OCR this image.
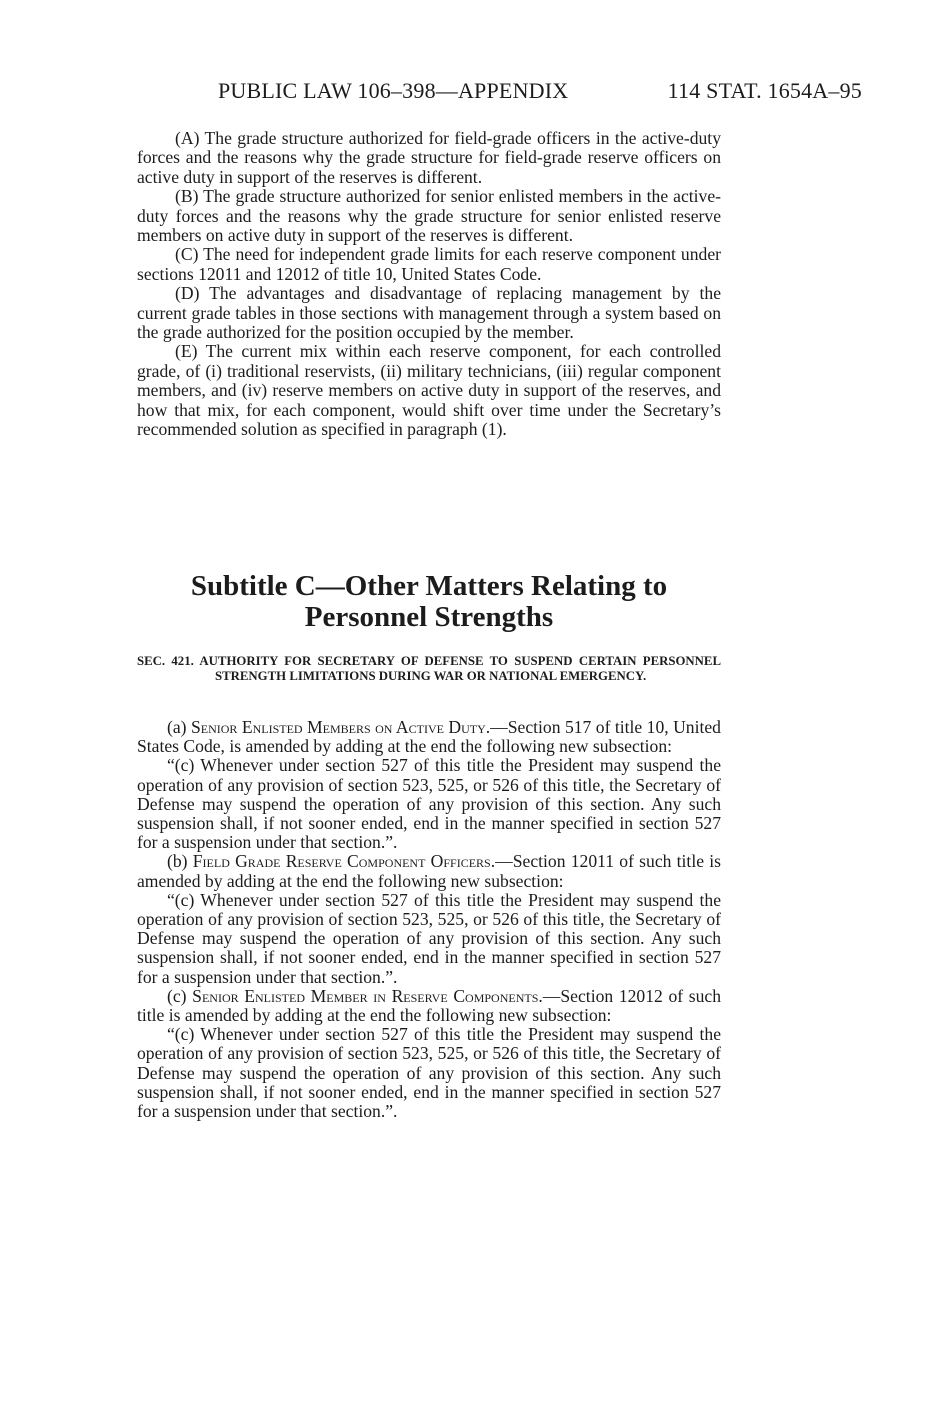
PUBLIC LAW 106–398—APPENDIX	114 STAT. 1654A–95

(A) The grade structure authorized for field-grade officers in the active-duty forces and the reasons why the grade structure for field-grade reserve officers on active duty in support of the reserves is different.

(B) The grade structure authorized for senior enlisted members in the active-duty forces and the reasons why the grade structure for senior enlisted reserve members on active duty in support of the reserves is different.

(C) The need for independent grade limits for each reserve component under sections 12011 and 12012 of title 10, United States Code.

(D) The advantages and disadvantage of replacing management by the current grade tables in those sections with management through a system based on the grade authorized for the position occupied by the member.

(E) The current mix within each reserve component, for each controlled grade, of (i) traditional reservists, (ii) military technicians, (iii) regular component members, and (iv) reserve members on active duty in support of the reserves, and how that mix, for each component, would shift over time under the Secretary’s recommended solution as specified in paragraph (1).

Subtitle C—Other Matters Relating to
Personnel Strengths
SEC. 421. AUTHORITY FOR SECRETARY OF DEFENSE TO SUSPEND CERTAIN PERSONNEL STRENGTH LIMITATIONS DURING WAR OR NATIONAL EMERGENCY.

(a) Senior Enlisted Members on Active Duty.—Section 517 of title 10, United States Code, is amended by adding at the end the following new subsection:

“(c) Whenever under section 527 of this title the President may suspend the operation of any provision of section 523, 525, or 526 of this title, the Secretary of Defense may suspend the operation of any provision of this section. Any such suspension shall, if not sooner ended, end in the manner specified in section 527 for a suspension under that section.”.

(b) Field Grade Reserve Component Officers.—Section 12011 of such title is amended by adding at the end the following new subsection:

“(c) Whenever under section 527 of this title the President may suspend the operation of any provision of section 523, 525, or 526 of this title, the Secretary of Defense may suspend the operation of any provision of this section. Any such suspension shall, if not sooner ended, end in the manner specified in section 527 for a suspension under that section.”.

(c) Senior Enlisted Member in Reserve Components.—Section 12012 of such title is amended by adding at the end the following new subsection:

“(c) Whenever under section 527 of this title the President may suspend the operation of any provision of section 523, 525, or 526 of this title, the Secretary of Defense may suspend the operation of any provision of this section. Any such suspension shall, if not sooner ended, end in the manner specified in section 527 for a suspension under that section.”.
